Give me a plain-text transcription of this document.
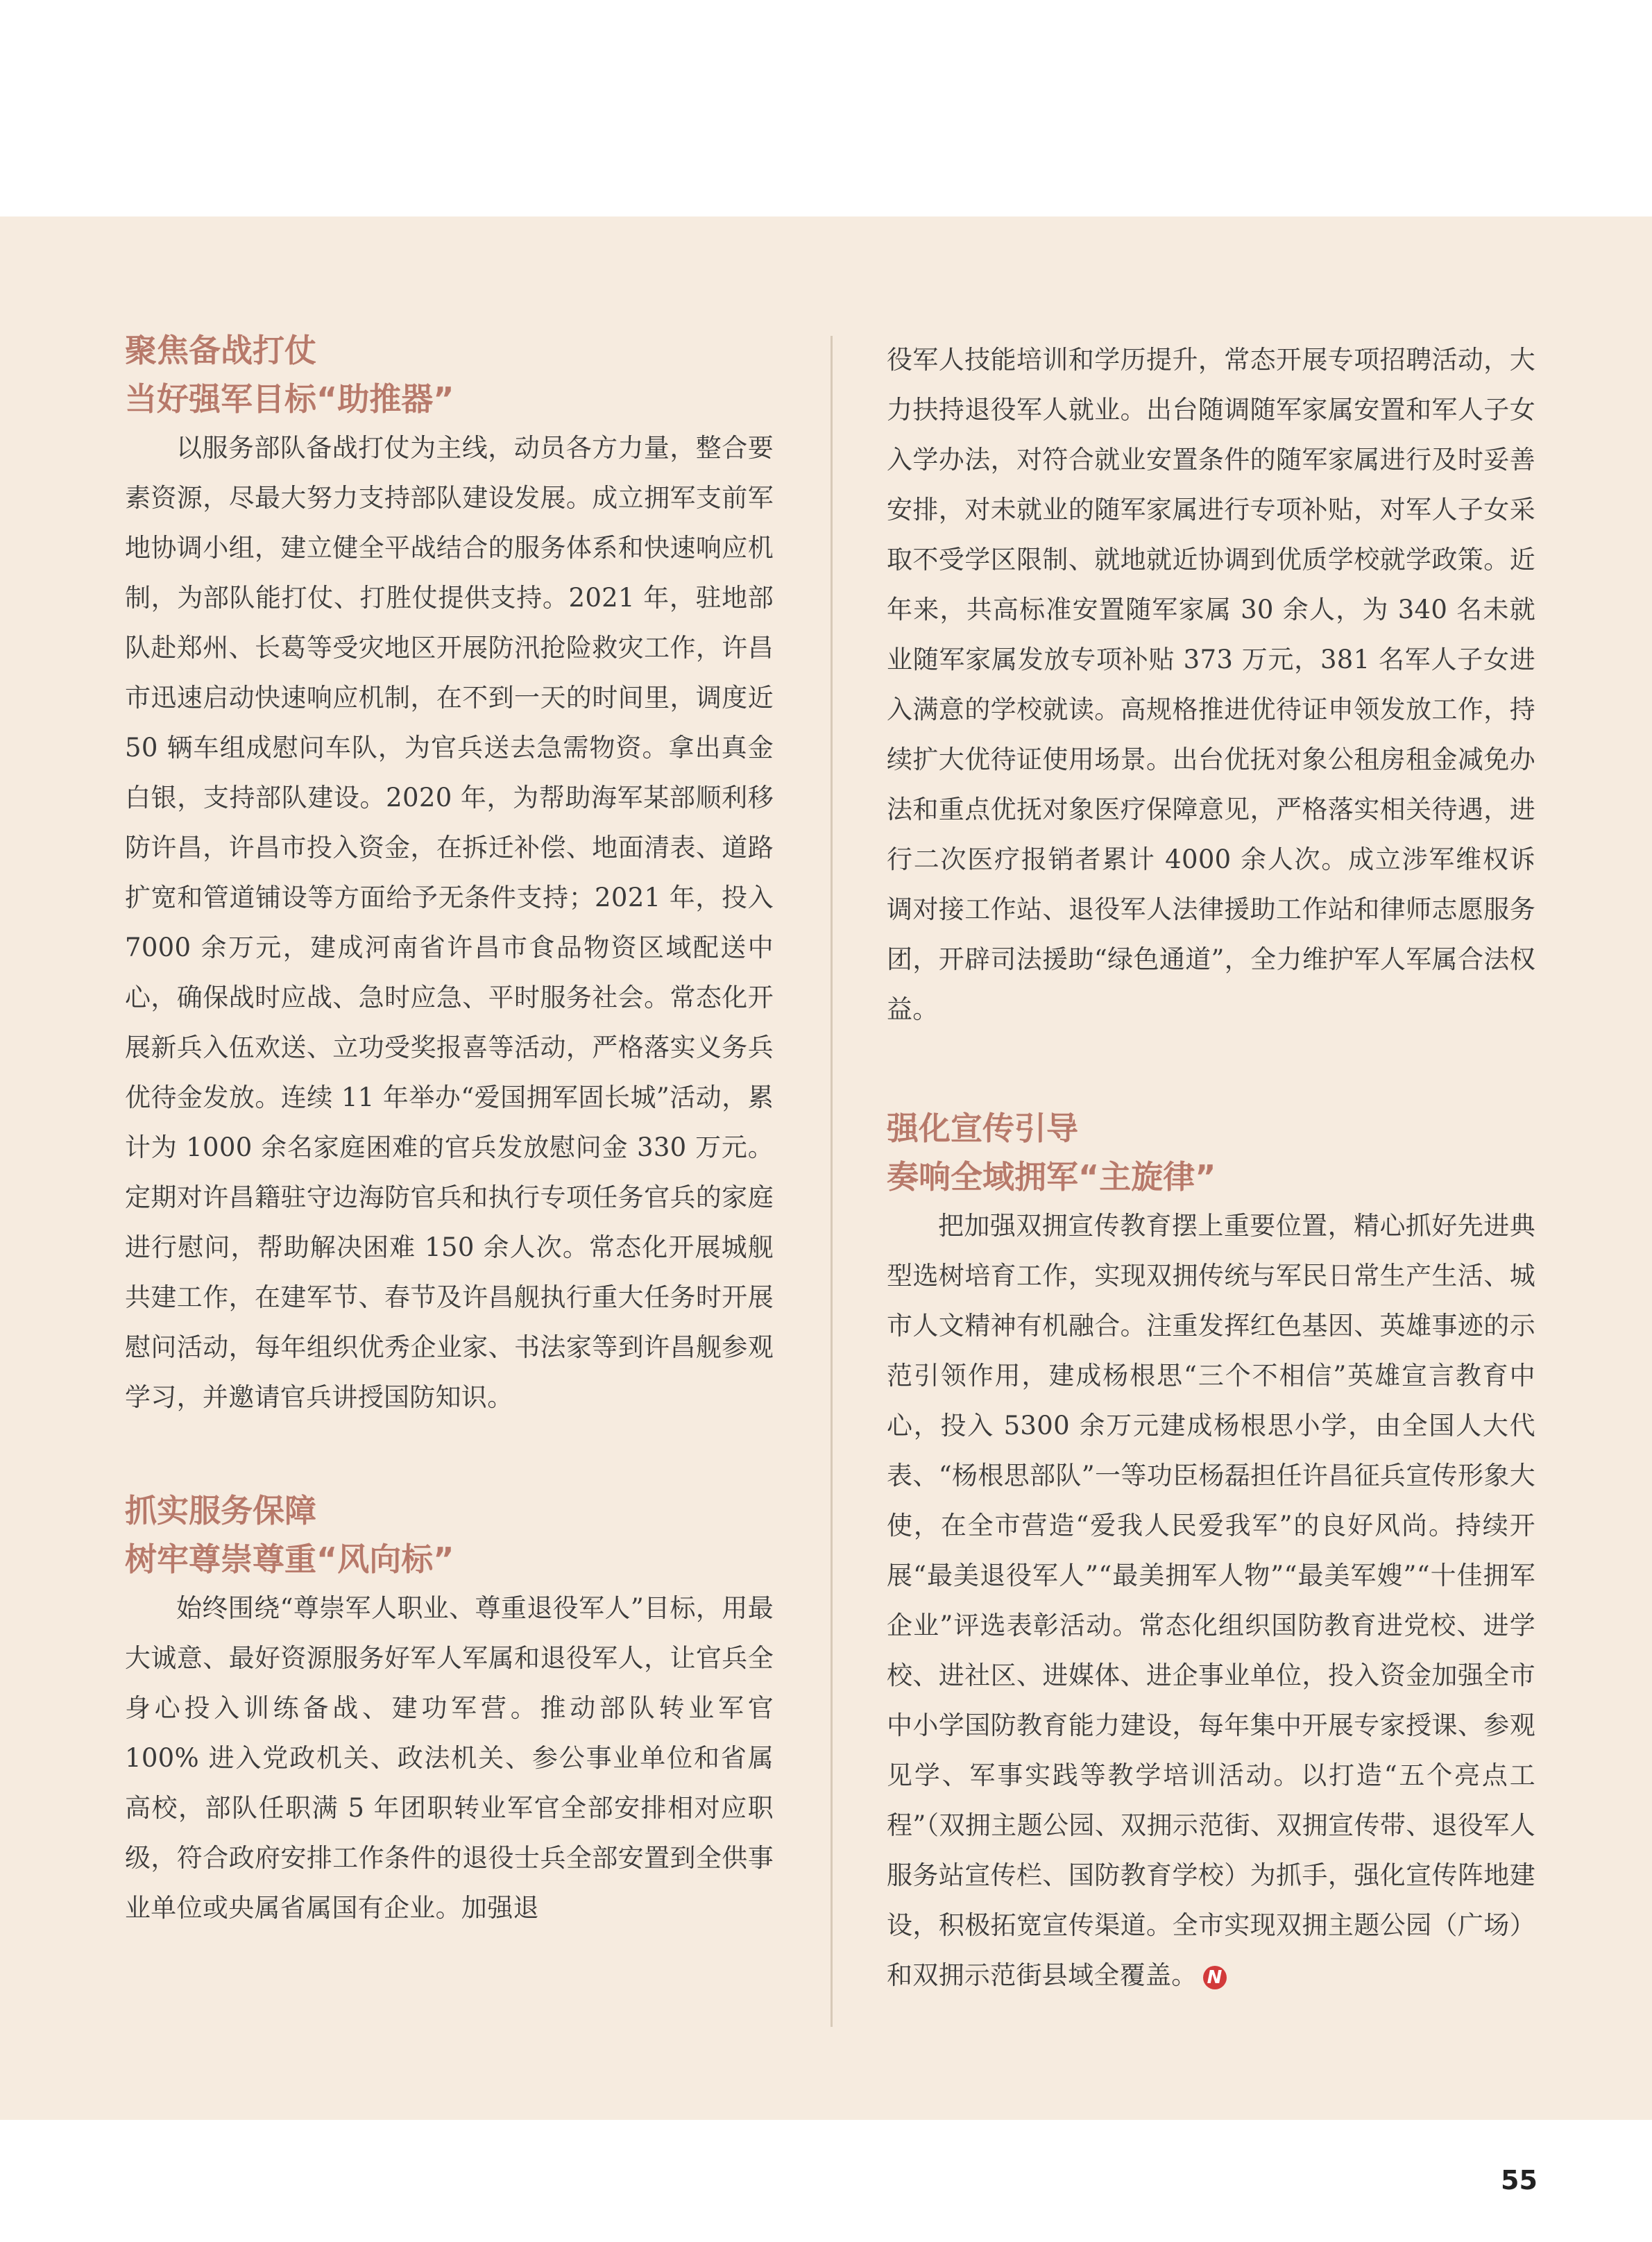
聚焦备战打仗
当好强军目标“助推器”

以服务部队备战打仗为主线，动员各方力量，整合要素资源，尽最大努力支持部队建设发展。成立拥军支前军地协调小组，建立健全平战结合的服务体系和快速响应机制，为部队能打仗、打胜仗提供支持。2021 年，驻地部队赴郑州、长葛等受灾地区开展防汛抢险救灾工作，许昌市迅速启动快速响应机制，在不到一天的时间里，调度近 50 辆车组成慰问车队，为官兵送去急需物资。拿出真金白银，支持部队建设。2020 年，为帮助海军某部顺利移防许昌，许昌市投入资金，在拆迁补偿、地面清表、道路扩宽和管道铺设等方面给予无条件支持；2021 年，投入 7000 余万元，建成河南省许昌市食品物资区域配送中心，确保战时应战、急时应急、平时服务社会。常态化开展新兵入伍欢送、立功受奖报喜等活动，严格落实义务兵优待金发放。连续 11 年举办“爱国拥军固长城”活动，累计为 1000 余名家庭困难的官兵发放慰问金 330 万元。定期对许昌籍驻守边海防官兵和执行专项任务官兵的家庭进行慰问，帮助解决困难 150 余人次。常态化开展城舰共建工作，在建军节、春节及许昌舰执行重大任务时开展慰问活动，每年组织优秀企业家、书法家等到许昌舰参观学习，并邀请官兵讲授国防知识。

抓实服务保障
树牢尊崇尊重“风向标”

始终围绕“尊崇军人职业、尊重退役军人”目标，用最大诚意、最好资源服务好军人军属和退役军人，让官兵全身心投入训练备战、建功军营。推动部队转业军官 100% 进入党政机关、政法机关、参公事业单位和省属高校，部队任职满 5 年团职转业军官全部安排相对应职级，符合政府安排工作条件的退役士兵全部安置到全供事业单位或央属省属国有企业。加强退

役军人技能培训和学历提升，常态开展专项招聘活动，大力扶持退役军人就业。出台随调随军家属安置和军人子女入学办法，对符合就业安置条件的随军家属进行及时妥善安排，对未就业的随军家属进行专项补贴，对军人子女采取不受学区限制、就地就近协调到优质学校就学政策。近年来，共高标准安置随军家属 30 余人，为 340 名未就业随军家属发放专项补贴 373 万元，381 名军人子女进入满意的学校就读。高规格推进优待证申领发放工作，持续扩大优待证使用场景。出台优抚对象公租房租金减免办法和重点优抚对象医疗保障意见，严格落实相关待遇，进行二次医疗报销者累计 4000 余人次。成立涉军维权诉调对接工作站、退役军人法律援助工作站和律师志愿服务团，开辟司法援助“绿色通道”，全力维护军人军属合法权益。

强化宣传引导
奏响全域拥军“主旋律”

把加强双拥宣传教育摆上重要位置，精心抓好先进典型选树培育工作，实现双拥传统与军民日常生产生活、城市人文精神有机融合。注重发挥红色基因、英雄事迹的示范引领作用，建成杨根思“三个不相信”英雄宣言教育中心，投入 5300 余万元建成杨根思小学，由全国人大代表、“杨根思部队”一等功臣杨磊担任许昌征兵宣传形象大使，在全市营造“爱我人民爱我军”的良好风尚。持续开展“最美退役军人”“最美拥军人物”“最美军嫂”“十佳拥军企业”评选表彰活动。常态化组织国防教育进党校、进学校、进社区、进媒体、进企事业单位，投入资金加强全市中小学国防教育能力建设，每年集中开展专家授课、参观见学、军事实践等教学培训活动。以打造“五个亮点工程”（双拥主题公园、双拥示范街、双拥宣传带、退役军人服务站宣传栏、国防教育学校）为抓手，强化宣传阵地建设，积极拓宽宣传渠道。全市实现双拥主题公园（广场）和双拥示范街县域全覆盖。 N

55
